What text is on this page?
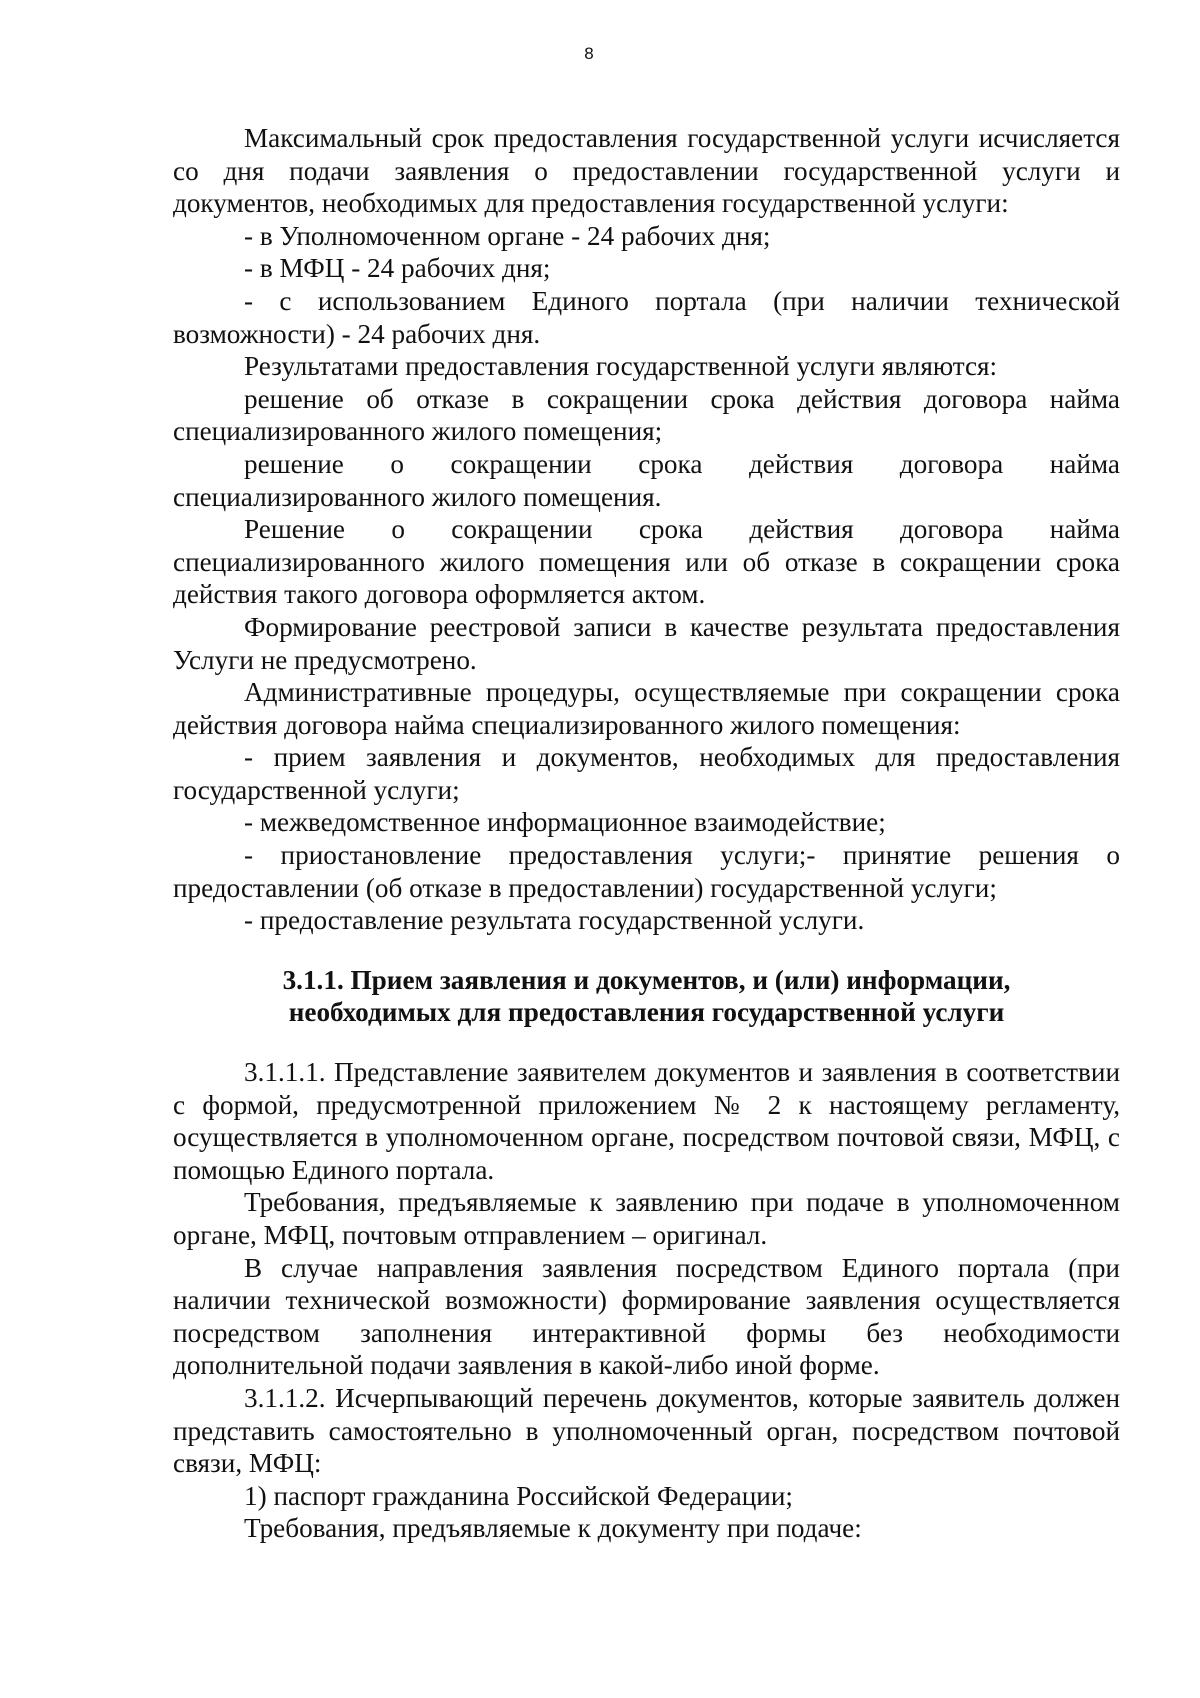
8

Максимальный срок предоставления государственной услуги исчисляется со дня подачи заявления о предоставлении государственной услуги и документов, необходимых для предоставления государственной услуги:

- в Уполномоченном органе - 24 рабочих дня;

- в МФЦ - 24 рабочих дня;

- с использованием Единого портала (при наличии технической возможности) - 24 рабочих дня.

Результатами предоставления государственной услуги являются:

решение об отказе в сокращении срока действия договора найма специализированного жилого помещения;

решение о сокращении срока действия договора найма специализированного жилого помещения.

Решение о сокращении срока действия договора найма специализированного жилого помещения или об отказе в сокращении срока действия такого договора оформляется актом.

Формирование реестровой записи в качестве результата предоставления Услуги не предусмотрено.

Административные процедуры, осуществляемые при сокращении срока действия договора найма специализированного жилого помещения:

- прием заявления и документов, необходимых для предоставления государственной услуги;

- межведомственное информационное взаимодействие;

- приостановление предоставления услуги;- принятие решения о предоставлении (об отказе в предоставлении) государственной услуги;

- предоставление результата государственной услуги.

3.1.1. Прием заявления и документов, и (или) информации,
необходимых для предоставления государственной услуги

3.1.1.1. Представление заявителем документов и заявления в соответствии с формой, предусмотренной приложением № 2 к настоящему регламенту, осуществляется в уполномоченном органе, посредством почтовой связи, МФЦ, с помощью Единого портала.

Требования, предъявляемые к заявлению при подаче в уполномоченном органе, МФЦ, почтовым отправлением – оригинал.

В случае направления заявления посредством Единого портала (при наличии технической возможности) формирование заявления осуществляется посредством заполнения интерактивной формы без необходимости дополнительной подачи заявления в какой-либо иной форме.

3.1.1.2. Исчерпывающий перечень документов, которые заявитель должен представить самостоятельно в уполномоченный орган, посредством почтовой связи, МФЦ:

1) паспорт гражданина Российской Федерации;

Требования, предъявляемые к документу при подаче:
